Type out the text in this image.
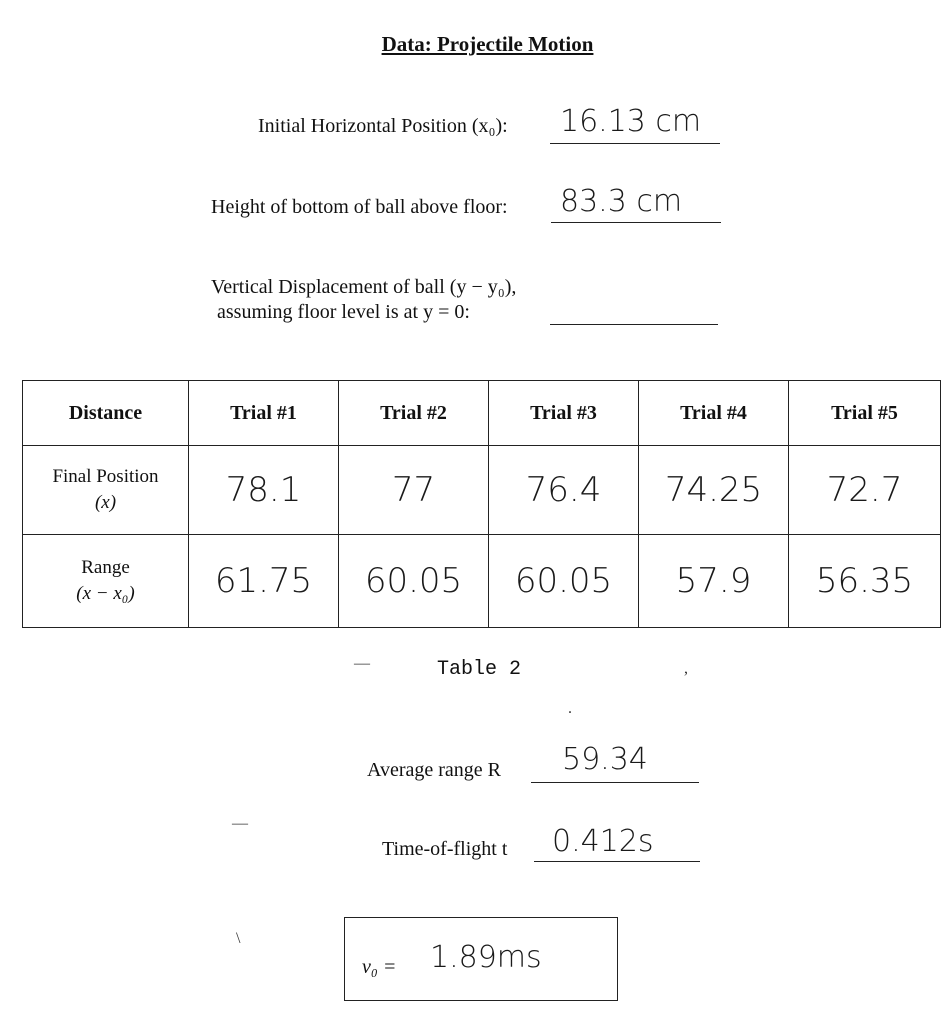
Data: Projectile Motion
Initial Horizontal Position (x₀): 16.13 cm
Height of bottom of ball above floor: 83.3 cm
Vertical Displacement of ball (y − y₀),
assuming floor level is at y = 0:
Distance	Trial #1	Trial #2	Trial #3	Trial #4	Trial #5

Final Position
(x)	78.1	77	76.4	74.25	72.7

Range
(x − x₀)	61.75	60.05	60.05	57.9	56.35
—	,
.
—
\
Table 2
Average range R 59.34
Time-of-flight t 0.412s
v₀ = 1.89ms
